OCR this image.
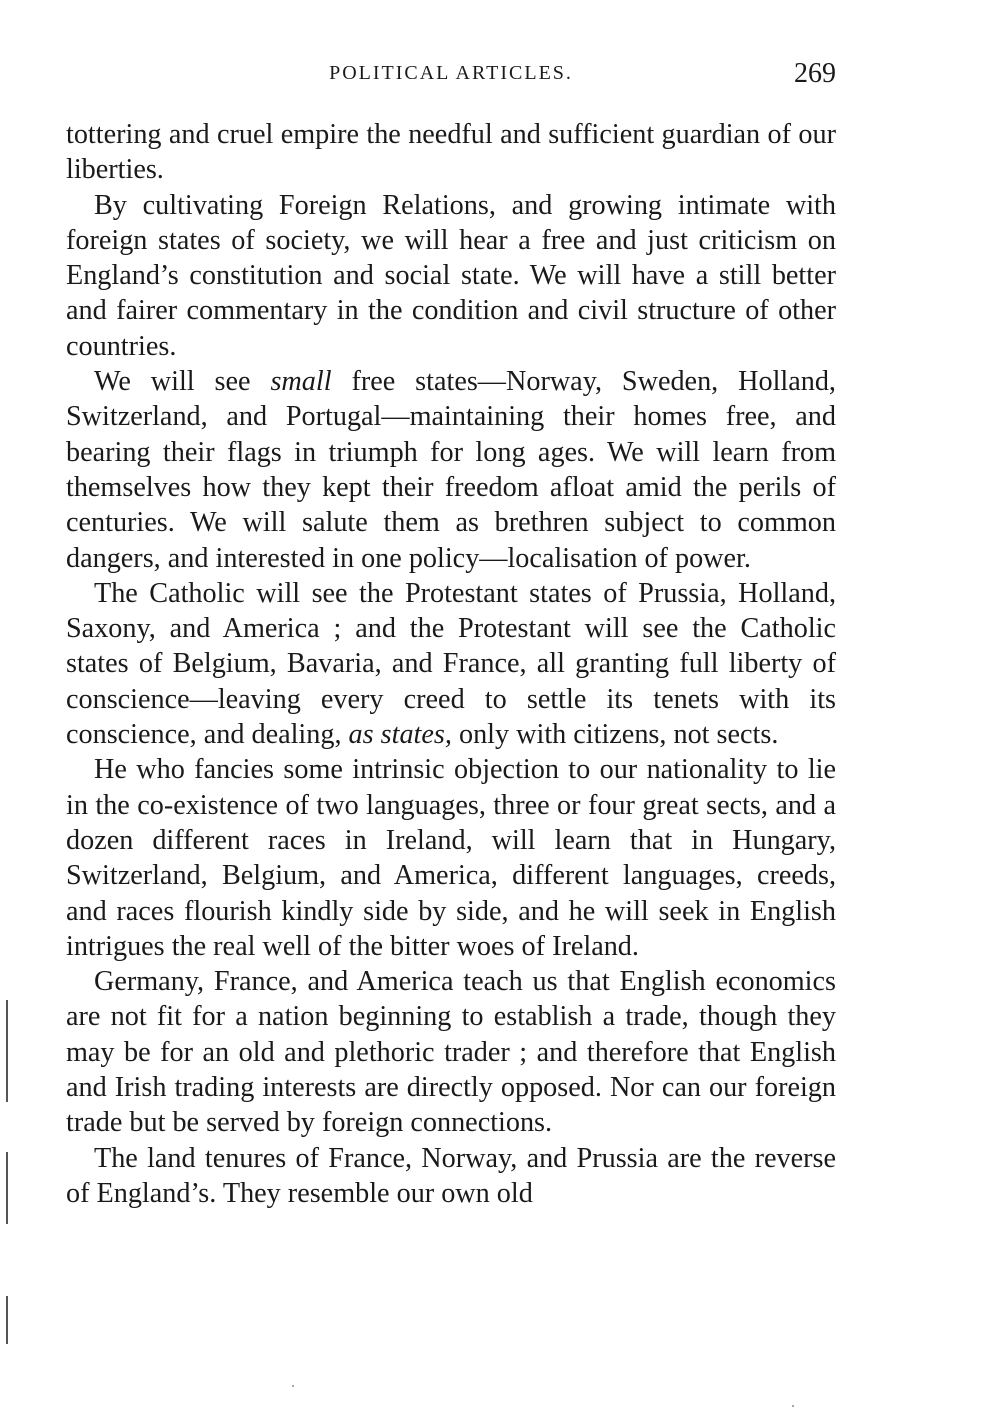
POLITICAL ARTICLES.	269

tottering and cruel empire the needful and sufficient guardian of our liberties.

By cultivating Foreign Relations, and growing intimate with foreign states of society, we will hear a free and just criticism on England’s constitution and social state. We will have a still better and fairer commentary in the condition and civil structure of other countries.

We will see small free states—Norway, Sweden, Holland, Switzerland, and Portugal—maintaining their homes free, and bearing their flags in triumph for long ages. We will learn from themselves how they kept their freedom afloat amid the perils of centuries. We will salute them as brethren subject to common dangers, and interested in one policy—localisation of power.

The Catholic will see the Protestant states of Prussia, Holland, Saxony, and America ; and the Protestant will see the Catholic states of Belgium, Bavaria, and France, all granting full liberty of conscience—leaving every creed to settle its tenets with its conscience, and dealing, as states, only with citizens, not sects.

He who fancies some intrinsic objection to our nationality to lie in the co-existence of two languages, three or four great sects, and a dozen different races in Ireland, will learn that in Hungary, Switzerland, Belgium, and America, different languages, creeds, and races flourish kindly side by side, and he will seek in English intrigues the real well of the bitter woes of Ireland.

Germany, France, and America teach us that English economics are not fit for a nation beginning to establish a trade, though they may be for an old and plethoric trader ; and therefore that English and Irish trading interests are directly opposed. Nor can our foreign trade but be served by foreign connections.

The land tenures of France, Norway, and Prussia are the reverse of England’s. They resemble our own old
